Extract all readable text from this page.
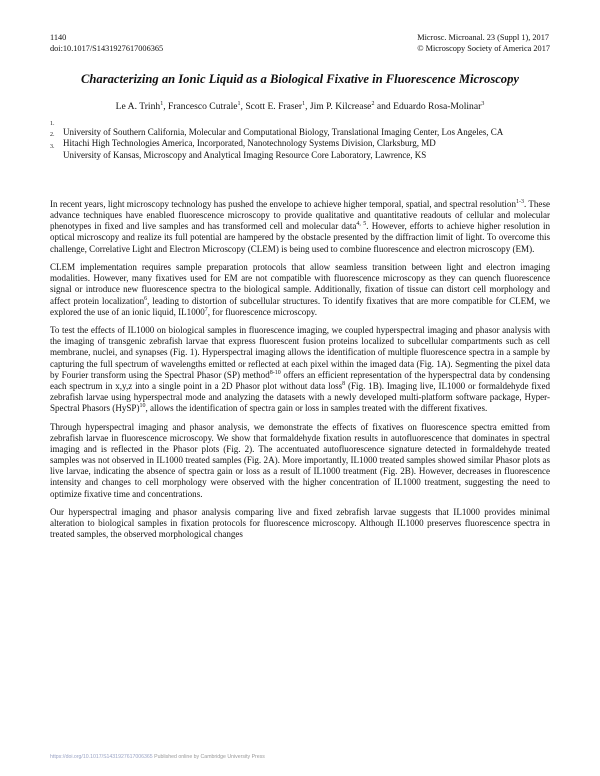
1140
doi:10.1017/S1431927617006365
Microsc. Microanal. 23 (Suppl 1), 2017
© Microscopy Society of America 2017
Characterizing an Ionic Liquid as a Biological Fixative in Fluorescence Microscopy
Le A. Trinh$^1$, Francesco Cutrale$^1$, Scott E. Fraser$^1$, Jim P. Kilcrease$^2$ and Eduardo Rosa-Molinar$^3$
1.
University of Southern California, Molecular and Computational Biology, Translational Imaging Center, Los Angeles, CA
2.
Hitachi High Technologies America, Incorporated, Nanotechnology Systems Division, Clarksburg, MD
3.
University of Kansas, Microscopy and Analytical Imaging Resource Core Laboratory, Lawrence, KS

In recent years, light microscopy technology has pushed the envelope to achieve higher temporal, spatial, and spectral resolution$^{1-3}$. These advance techniques have enabled fluorescence microscopy to provide qualitative and quantitative readouts of cellular and molecular phenotypes in fixed and live samples and has transformed cell and molecular data$^{4, 5}$. However, efforts to achieve higher resolution in optical microscopy and realize its full potential are hampered by the obstacle presented by the diffraction limit of light. To overcome this challenge, Correlative Light and Electron Microscopy (CLEM) is being used to combine fluorescence and electron microscopy (EM).

CLEM implementation requires sample preparation protocols that allow seamless transition between light and electron imaging modalities. However, many fixatives used for EM are not compatible with fluorescence microscopy as they can quench fluorescence signal or introduce new fluorescence spectra to the biological sample. Additionally, fixation of tissue can distort cell morphology and affect protein localization$^6$, leading to distortion of subcellular structures. To identify fixatives that are more compatible for CLEM, we explored the use of an ionic liquid, IL1000$^7$, for fluorescence microscopy.

To test the effects of IL1000 on biological samples in fluorescence imaging, we coupled hyperspectral imaging and phasor analysis with the imaging of transgenic zebrafish larvae that express fluorescent fusion proteins localized to subcellular compartments such as cell membrane, nuclei, and synapses (Fig. 1). Hyperspectral imaging allows the identification of multiple fluorescence spectra in a sample by capturing the full spectrum of wavelengths emitted or reflected at each pixel within the imaged data (Fig. 1A). Segmenting the pixel data by Fourier transform using the Spectral Phasor (SP) method$^{8-10}$ offers an efficient representation of the hyperspectral data by condensing each spectrum in x,y,z into a single point in a 2D Phasor plot without data loss$^8$ (Fig. 1B). Imaging live, IL1000 or formaldehyde fixed zebrafish larvae using hyperspectral mode and analyzing the datasets with a newly developed multi-platform software package, Hyper-Spectral Phasors (HySP)$^{10}$, allows the identification of spectra gain or loss in samples treated with the different fixatives.

Through hyperspectral imaging and phasor analysis, we demonstrate the effects of fixatives on fluorescence spectra emitted from zebrafish larvae in fluorescence microscopy. We show that formaldehyde fixation results in autofluorescence that dominates in spectral imaging and is reflected in the Phasor plots (Fig. 2). The accentuated autofluorescence signature detected in formaldehyde treated samples was not observed in IL1000 treated samples (Fig. 2A). More importantly, IL1000 treated samples showed similar Phasor plots as live larvae, indicating the absence of spectra gain or loss as a result of IL1000 treatment (Fig. 2B). However, decreases in fluorescence intensity and changes to cell morphology were observed with the higher concentration of IL1000 treatment, suggesting the need to optimize fixative time and concentrations.

Our hyperspectral imaging and phasor analysis comparing live and fixed zebrafish larvae suggests that IL1000 provides minimal alteration to biological samples in fixation protocols for fluorescence microscopy. Although IL1000 preserves fluorescence spectra in treated samples, the observed morphological changes

https://doi.org/10.1017/S1431927617006365 Published online by Cambridge University Press
